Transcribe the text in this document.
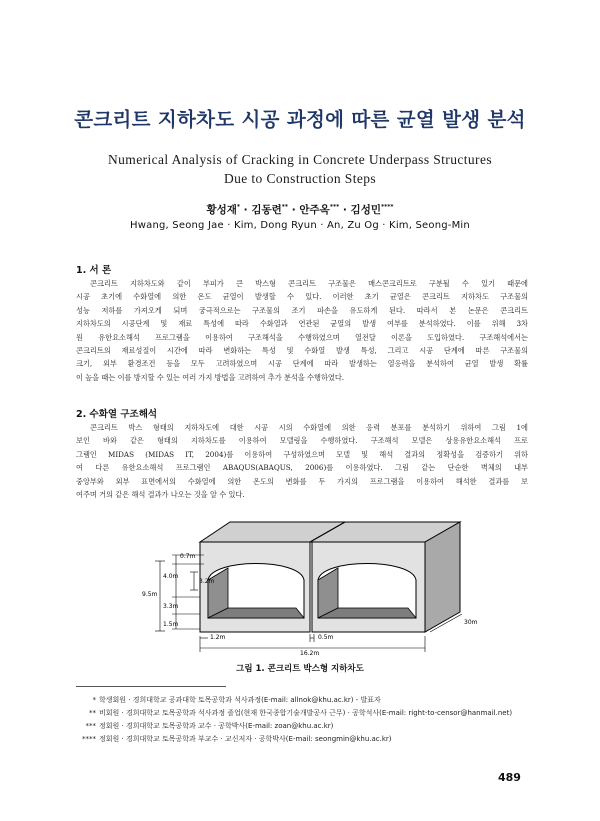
콘크리트 지하차도 시공 과정에 따른 균열 발생 분석
Numerical Analysis of Cracking in Concrete Underpass Structures
Due to Construction Steps
황성재* · 김동련** · 안주옥*** · 김성민****
Hwang, Seong Jae · Kim, Dong Ryun · An, Zu Og · Kim, Seong-Min
1. 서 론
콘크리트 지하차도와 같이 부피가 큰 박스형 콘크리트 구조물은 매스콘크리트로 구분될 수 있기 때문에
시공 초기에 수화열에 의한 온도 균열이 발생할 수 있다. 이러한 초기 균열은 콘크리트 지하차도 구조물의
성능 저하를 가져오게 되며 궁극적으로는 구조물의 조기 파손을 유도하게 된다. 따라서 본 논문은 콘크리트
지하차도의 시공단계 및 재료 특성에 따라 수화열과 연관된 균열의 발생 여부를 분석하였다. 이를 위해 3차
원 유한요소해석 프로그램을 이용하여 구조해석을 수행하였으며 열전달 이론을 도입하였다. 구조해석에서는
콘크리트의 재료성질이 시간에 따라 변화하는 특성 및 수화열 발생 특성, 그리고 시공 단계에 따른 구조물의
크기, 외부 환경조건 등을 모두 고려하였으며 시공 단계에 따라 발생하는 열응력을 분석하여 균열 발생 확률
이 높을 때는 이를 방지할 수 있는 여러 가지 방법을 고려하여 추가 분석을 수행하였다.
2. 수화열 구조해석
콘크리트 박스 형태의 지하차도에 대한 시공 시의 수화열에 의한 응력 분포를 분석하기 위하여 그림 1에
보인 바와 같은 형태의 지하차도를 이용하여 모델링을 수행하였다. 구조해석 모델은 상용유한요소해석 프로
그램인 MIDAS (MIDAS IT, 2004)를 이용하여 구성하였으며 모델 및 해석 결과의 정확성을 검증하기 위하
여 다른 유한요소해석 프로그램인 ABAQUS(ABAQUS, 2006)를 이용하였다. 그림 같는 단순한 벽체의 내부
중앙부와 외부 표면에서의 수화열에 의한 온도의 변화를 두 가지의 프로그램을 이용하여 해석한 결과를 보
여주며 거의 같은 해석 결과가 나오는 것을 알 수 있다.
0.7m
4.0m
3.2m
9.5m
3.3m
1.5m
1.2m	0.5m
16.2m
30m
그림 1. 콘크리트 박스형 지하차도
* 학생회원 · 경희대학교 공과대학 토목공학과 석사과정(E-mail: allnok@khu.ac.kr) - 발표자
** 비회원 · 경희대학교 토목공학과 석사과정 졸업(현재 한국종합기술개발공사 근무) · 공학석사(E-mail: right-to-censor@hanmail.net)
*** 정회원 · 경희대학교 토목공학과 교수 · 공학박사(E-mail: zoan@khu.ac.kr)
**** 정회원 · 경희대학교 토목공학과 부교수 · 교신저자 · 공학박사(E-mail: seongmin@khu.ac.kr)
489
